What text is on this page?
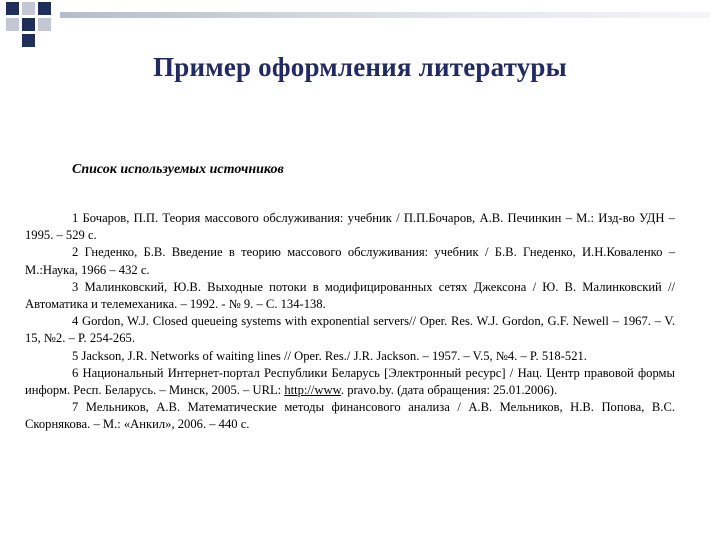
Пример оформления литературы
Список используемых источников

1 Бочаров, П.П. Теория массового обслуживания: учебник / П.П.Бочаров, А.В. Печинкин – М.: Изд-во УДН – 1995. – 529 с.

2 Гнеденко, Б.В. Введение в теорию массового обслуживания: учебник / Б.В. Гнеденко, И.Н.Коваленко – М.:Наука, 1966 – 432 с.

3 Малинковский, Ю.В. Выходные потоки в модифицированных сетях Джексона / Ю. В. Малинковский // Автоматика и телемеханика. – 1992. - № 9. – С. 134-138.

4 Gordon, W.J. Closed queueing systems with exponential servers// Oper. Res. W.J. Gordon, G.F. Newell – 1967. – V. 15, №2. – P. 254-265.

5 Jackson, J.R. Networks of waiting lines // Oper. Res./ J.R. Jackson. – 1957. – V.5, №4. – P. 518-521.

6 Национальный Интернет-портал Республики Беларусь [Электронный ресурс] / Нац. Центр правовой формы информ. Респ. Беларусь. – Минск, 2005. – URL: http://www. pravo.by. (дата обращения: 25.01.2006).

7 Мельников, А.В. Математические методы финансового анализа / А.В. Мельников, Н.В. Попова, В.С. Скорнякова. – М.: «Анкил», 2006. – 440 с.
